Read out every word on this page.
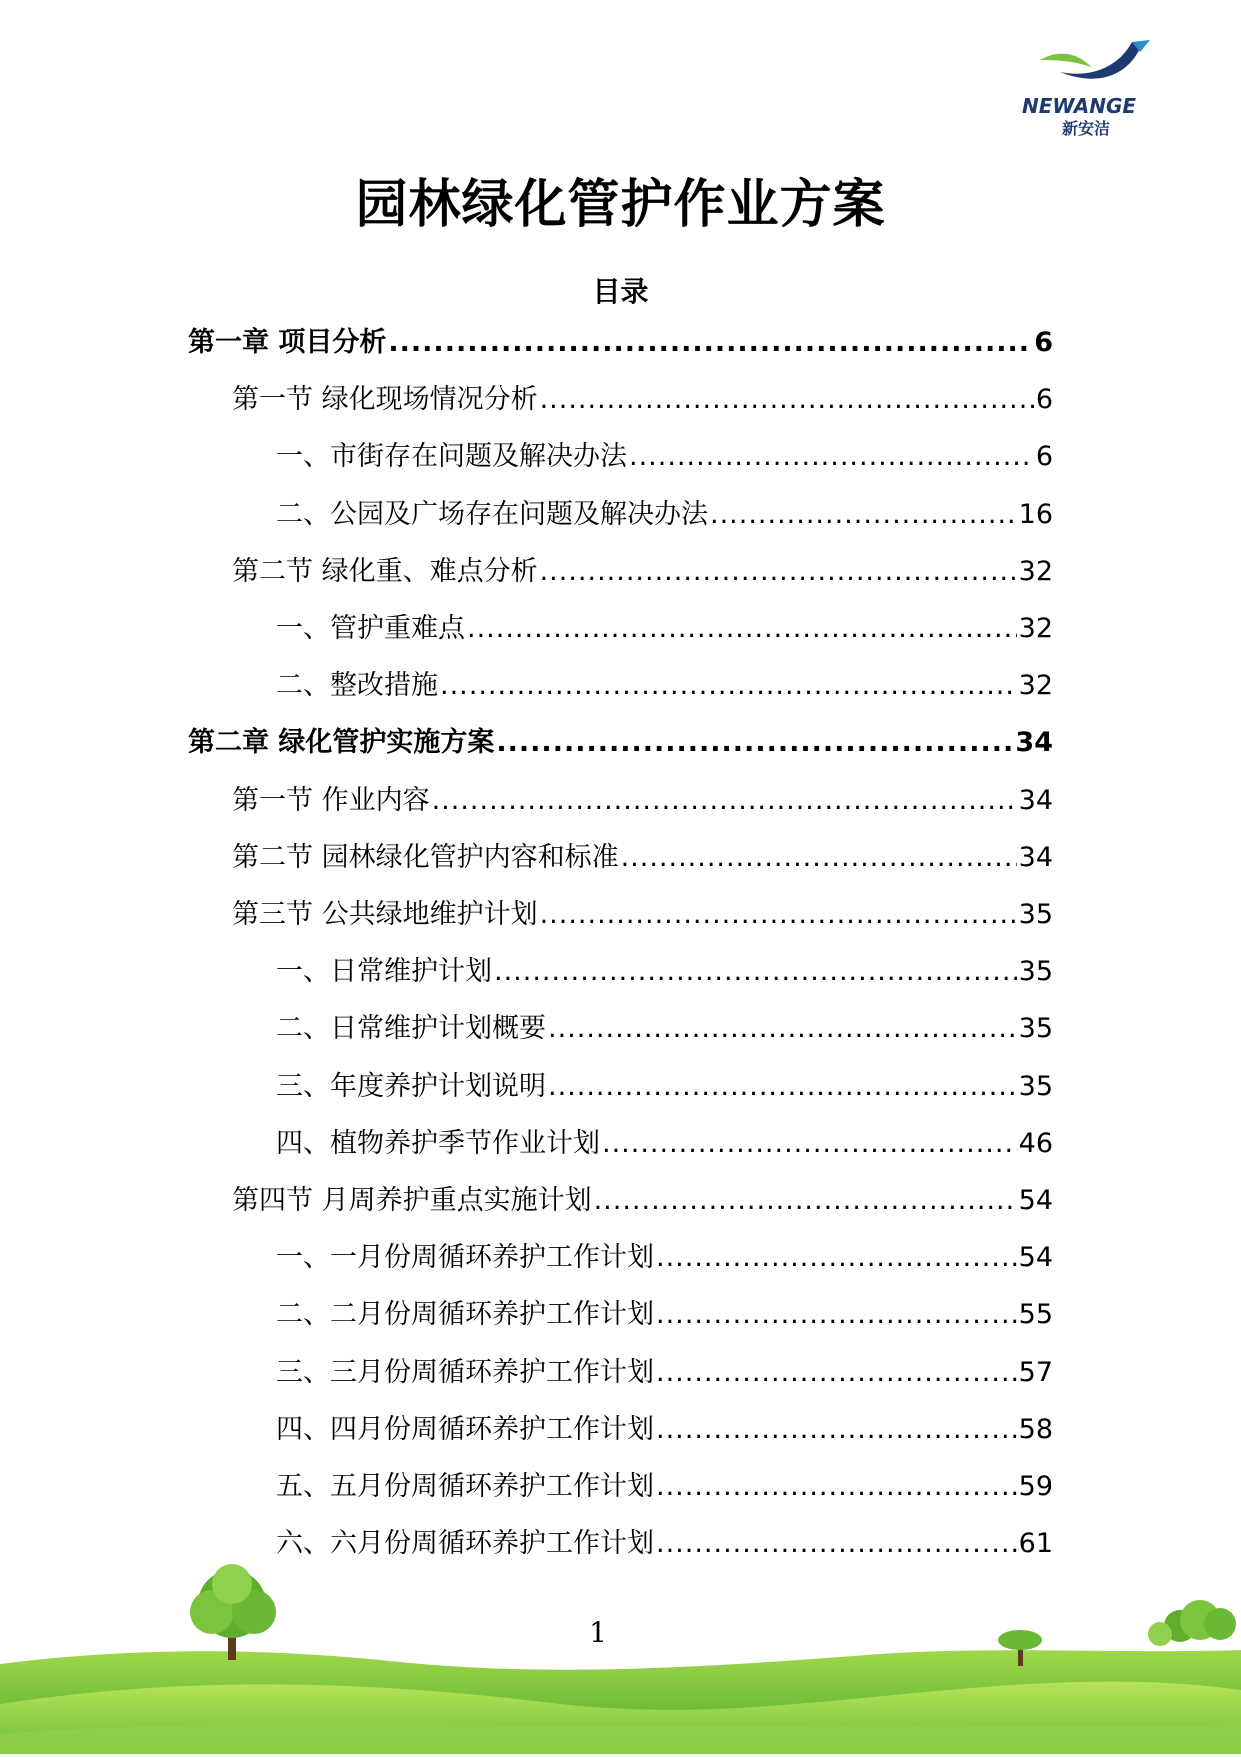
NEWANGE
新安洁
园林绿化管护作业方案
目录
第一章 项目分析 .....	6
第一节 绿化现场情况分析 .....	6
一、市街存在问题及解决办法 .....	6
二、公园及广场存在问题及解决办法 .....	16
第二节 绿化重、难点分析 .....	32
一、管护重难点 .....	32
二、整改措施 .....	32
第二章 绿化管护实施方案 .....	34
第一节 作业内容 .....	34
第二节 园林绿化管护内容和标准 .....	34
第三节 公共绿地维护计划 .....	35
一、日常维护计划 .....	35
二、日常维护计划概要 .....	35
三、年度养护计划说明 .....	35
四、植物养护季节作业计划 .....	46
第四节 月周养护重点实施计划 .....	54
一、一月份周循环养护工作计划 .....	54
二、二月份周循环养护工作计划 .....	55
三、三月份周循环养护工作计划 .....	57
四、四月份周循环养护工作计划 .....	58
五、五月份周循环养护工作计划 .....	59
六、六月份周循环养护工作计划 .....	61
1
